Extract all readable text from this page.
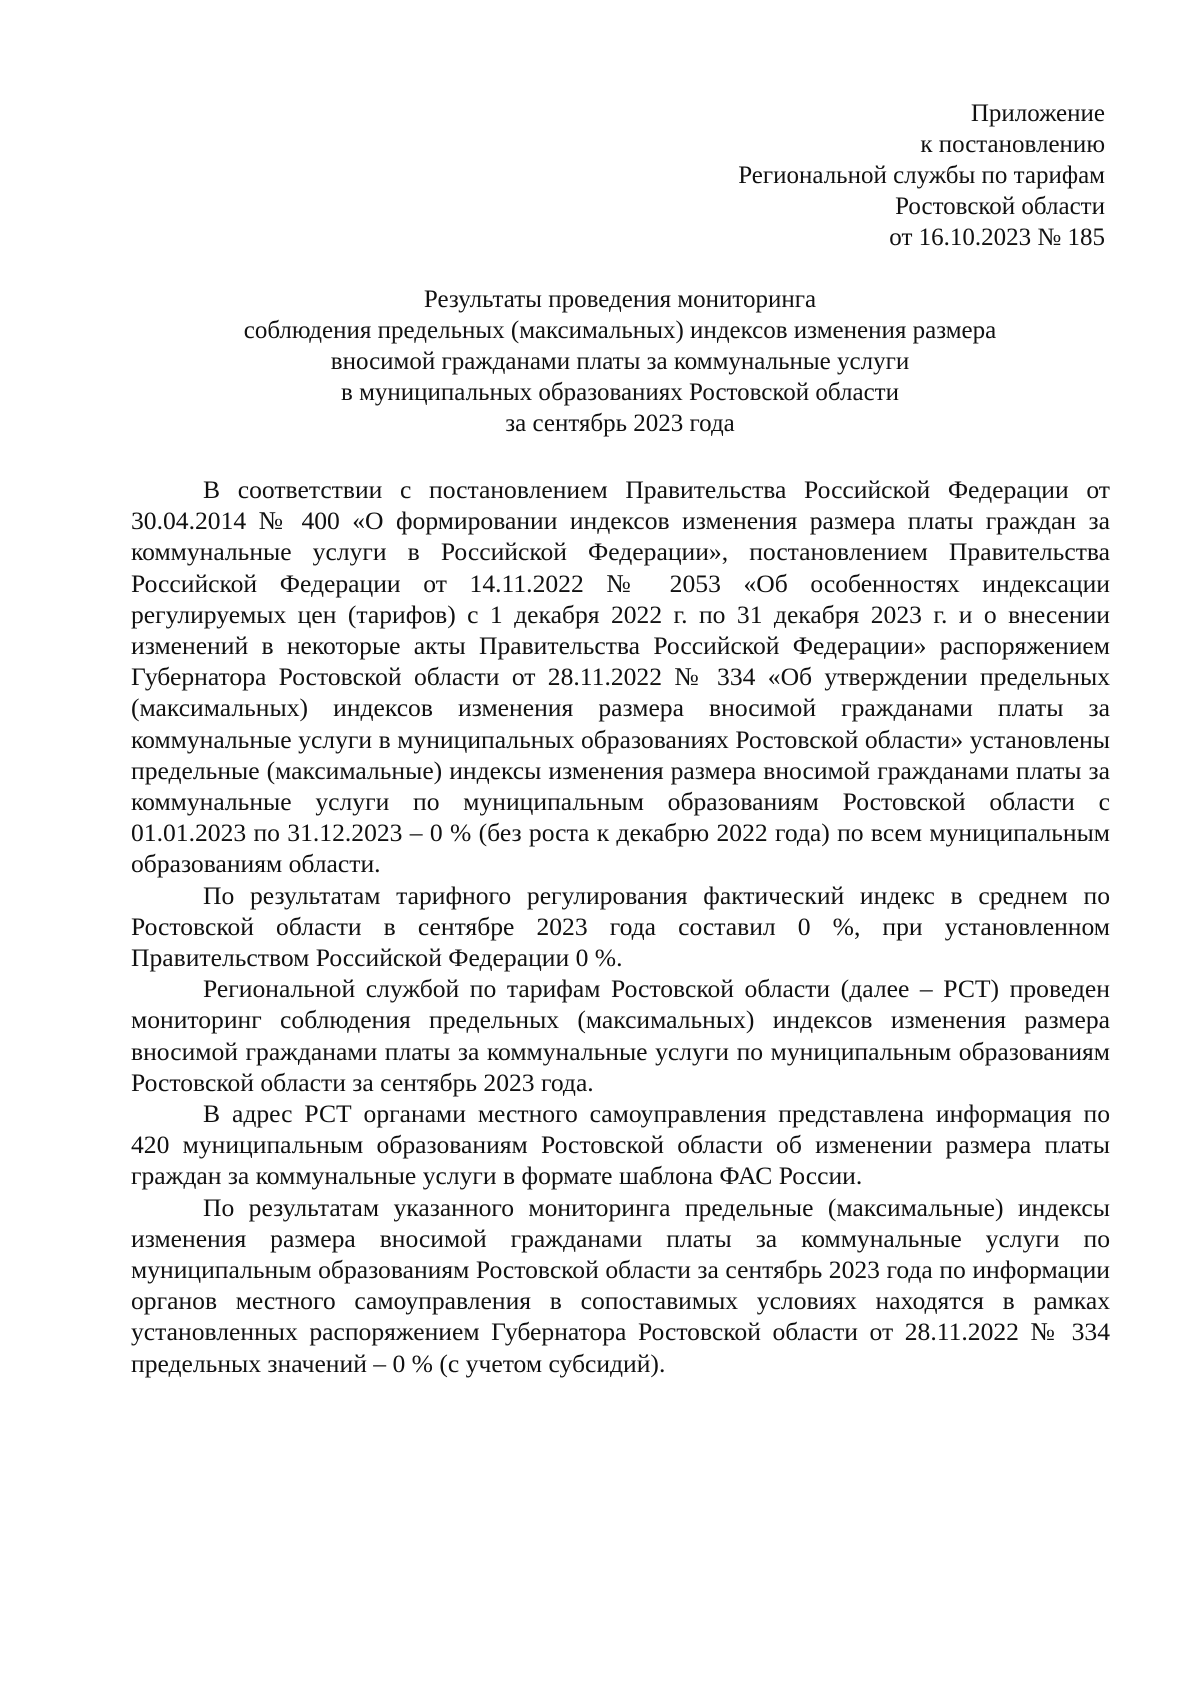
Приложение
к постановлению
Региональной службы по тарифам
Ростовской области
от 16.10.2023 № 185
Результаты проведения мониторинга
соблюдения предельных (максимальных) индексов изменения размера
вносимой гражданами платы за коммунальные услуги
в муниципальных образованиях Ростовской области
за сентябрь 2023 года

В соответствии с постановлением Правительства Российской Федерации от 30.04.2014 № 400 «О формировании индексов изменения размера платы граждан за коммунальные услуги в Российской Федерации», постановлением Правительства Российской Федерации от 14.11.2022 № 2053 «Об особенностях индексации регулируемых цен (тарифов) с 1 декабря 2022 г. по 31 декабря 2023 г. и о внесении изменений в некоторые акты Правительства Российской Федерации» распоряжением Губернатора Ростовской области от 28.11.2022 № 334 «Об утверждении предельных (максимальных) индексов изменения размера вносимой гражданами платы за коммунальные услуги в муниципальных образованиях Ростовской области» установлены предельные (максимальные) индексы изменения размера вносимой гражданами платы за коммунальные услуги по муниципальным образованиям Ростовской области с 01.01.2023 по 31.12.2023 – 0 % (без роста к декабрю 2022 года) по всем муниципальным образованиям области.

По результатам тарифного регулирования фактический индекс в среднем по Ростовской области в сентябре 2023 года составил 0 %, при установленном Правительством Российской Федерации 0 %.

Региональной службой по тарифам Ростовской области (далее – РСТ) проведен мониторинг соблюдения предельных (максимальных) индексов изменения размера вносимой гражданами платы за коммунальные услуги по муниципальным образованиям Ростовской области за сентябрь 2023 года.

В адрес РСТ органами местного самоуправления представлена информация по 420 муниципальным образованиям Ростовской области об изменении размера платы граждан за коммунальные услуги в формате шаблона ФАС России.

По результатам указанного мониторинга предельные (максимальные) индексы изменения размера вносимой гражданами платы за коммунальные услуги по муниципальным образованиям Ростовской области за сентябрь 2023 года по информации органов местного самоуправления в сопоставимых условиях находятся в рамках установленных распоряжением Губернатора Ростовской области от 28.11.2022 № 334 предельных значений – 0 % (с учетом субсидий).
